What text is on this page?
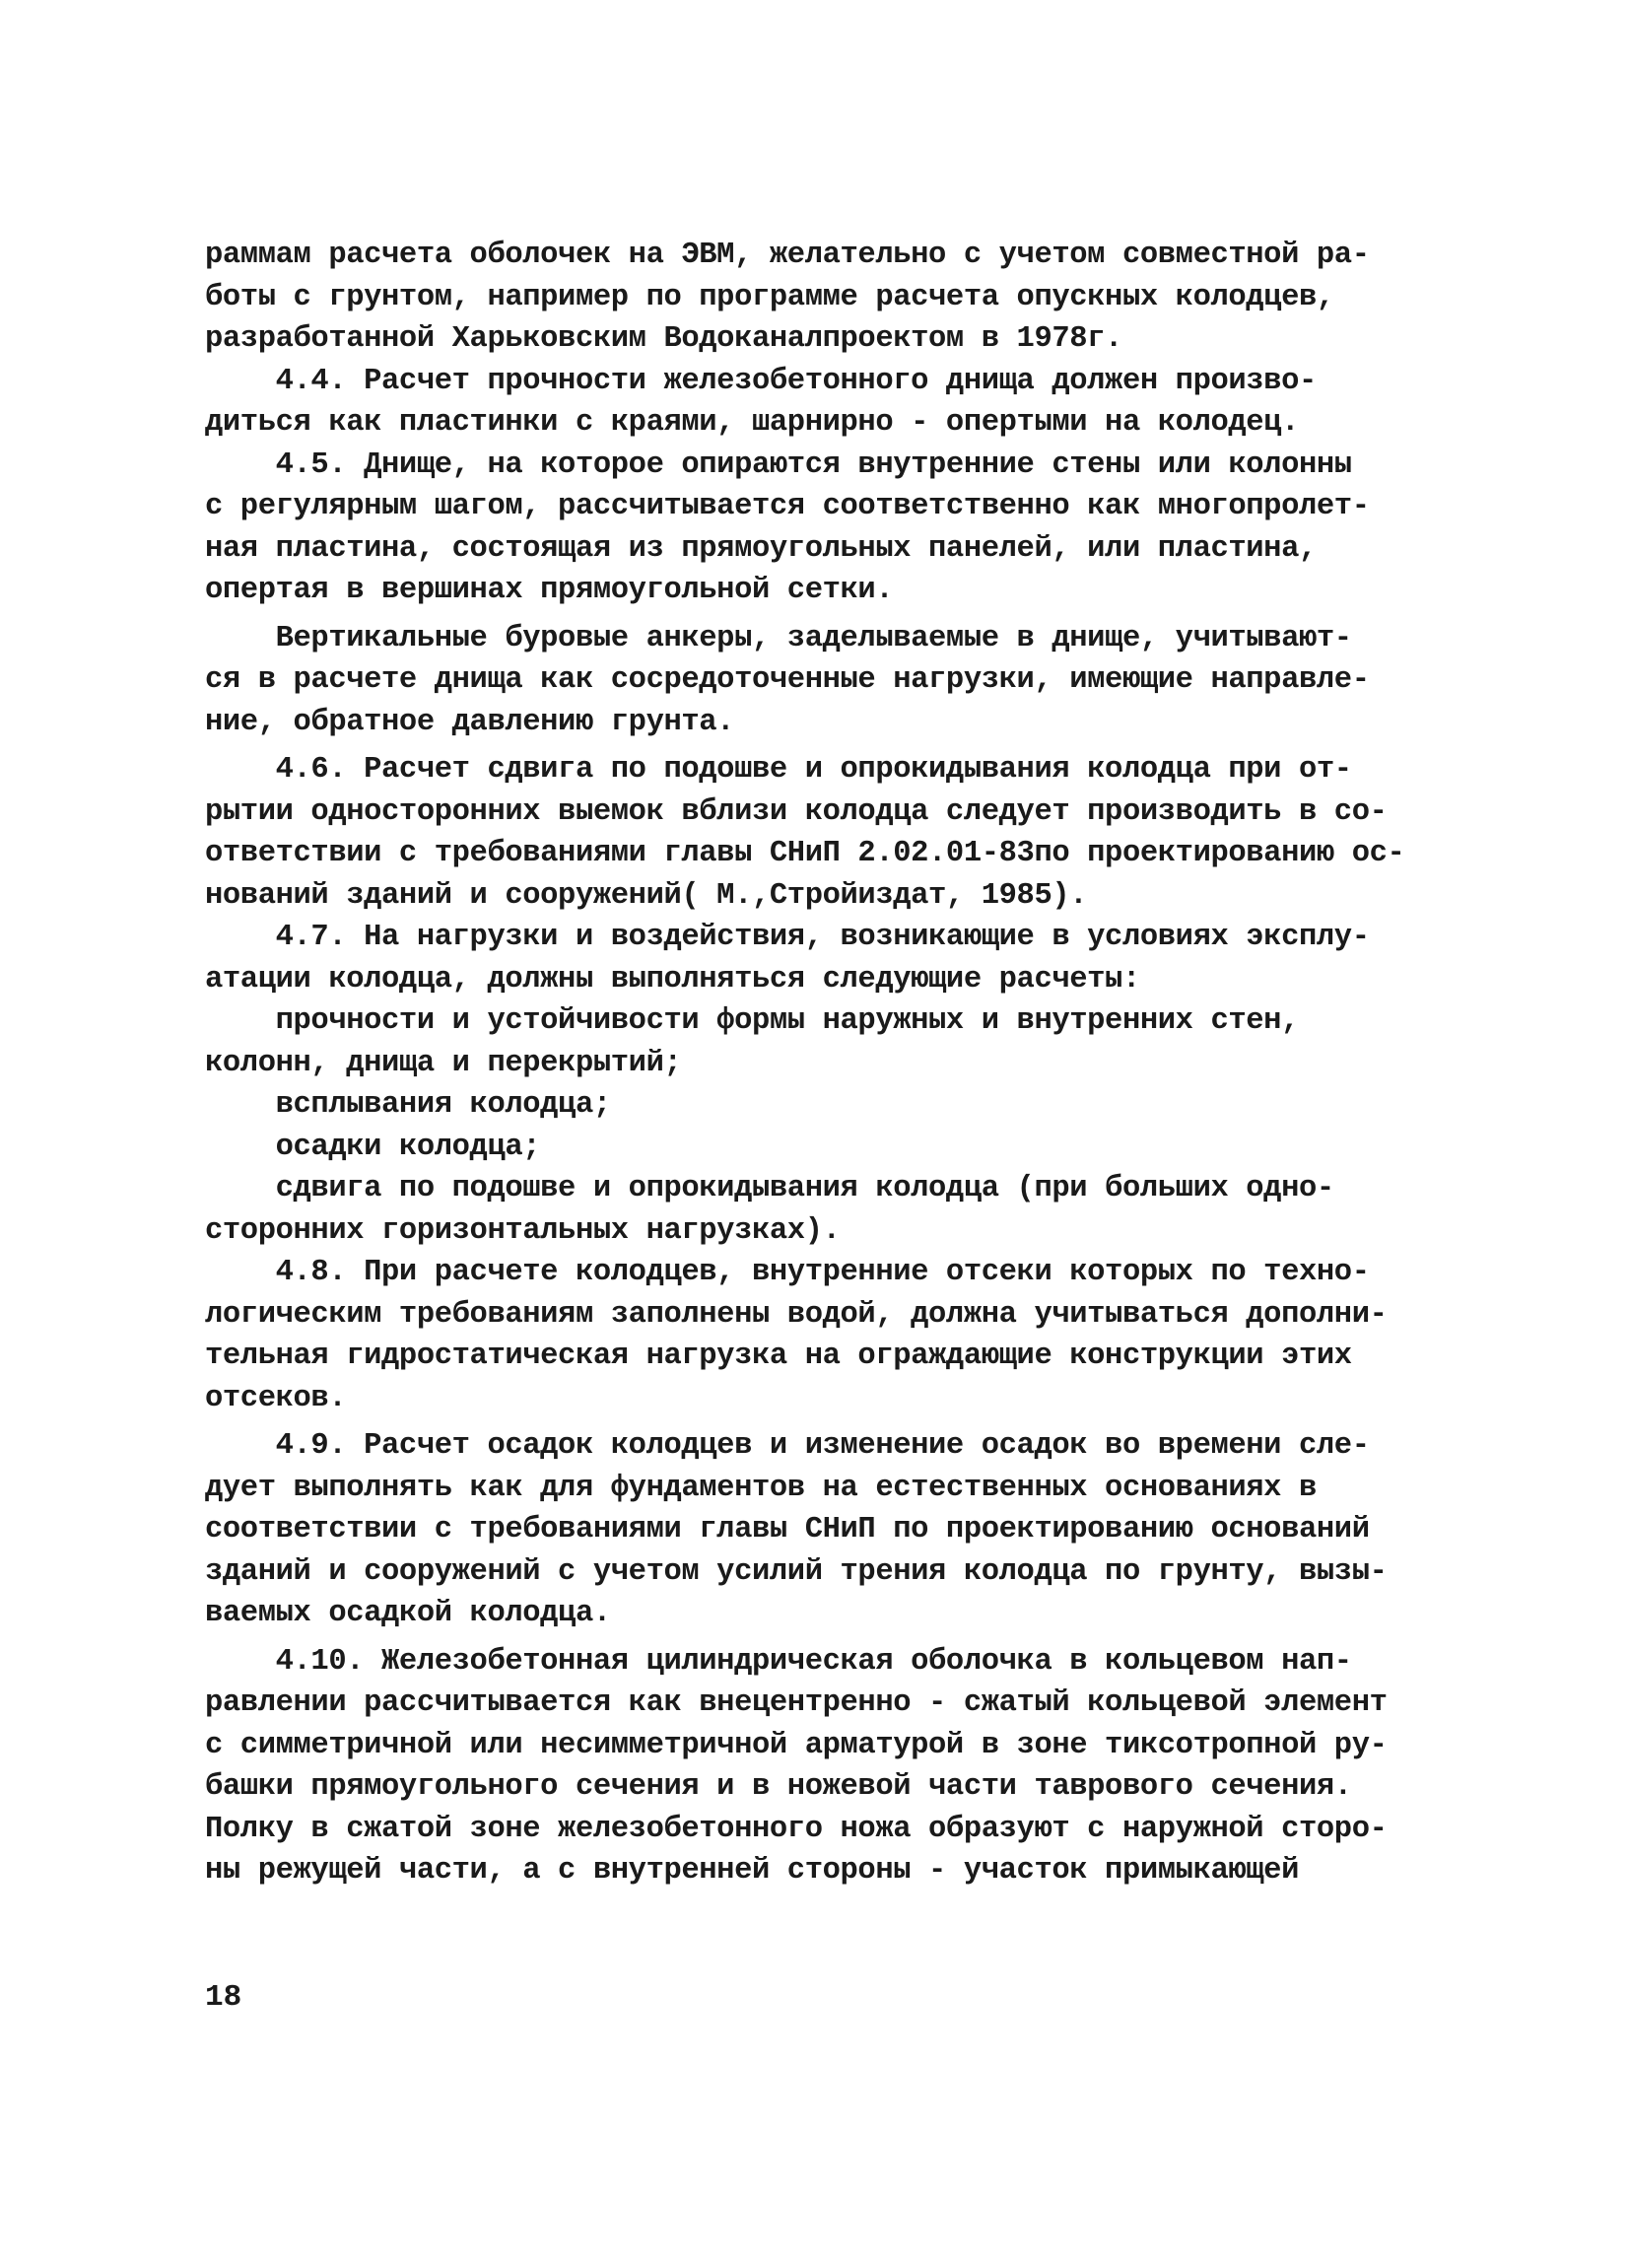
раммам расчета оболочек на ЭВМ, желательно с учетом совместной ра-
боты с грунтом, например по программе расчета опускных колодцев,
разработанной Харьковским Водоканалпроектом в 1978г.
4.4. Расчет прочности железобетонного днища должен произво-
диться как пластинки с краями, шарнирно - опертыми на колодец.
4.5. Днище, на которое опираются внутренние стены или колонны
с регулярным шагом, рассчитывается соответственно как многопролет-
ная пластина, состоящая из прямоугольных панелей, или пластина,
опертая в вершинах прямоугольной сетки.
Вертикальные буровые анкеры, заделываемые в днище, учитывают-
ся в расчете днища как сосредоточенные нагрузки, имеющие направле-
ние, обратное давлению грунта.
4.6. Расчет сдвига по подошве и опрокидывания колодца при от-
рытии односторонних выемок вблизи колодца следует производить в со-
ответствии с требованиями главы СНиП 2.02.01-83по проектированию ос-
нований зданий и сооружений( М.,Стройиздат, 1985).
4.7. На нагрузки и воздействия, возникающие в условиях эксплу-
атации колодца, должны выполняться следующие расчеты:
прочности и устойчивости формы наружных и внутренних стен,
колонн, днища и перекрытий;
всплывания колодца;
осадки колодца;
сдвига по подошве и опрокидывания колодца (при больших одно-
сторонних горизонтальных нагрузках).
4.8. При расчете колодцев, внутренние отсеки которых по техно-
логическим требованиям заполнены водой, должна учитываться дополни-
тельная гидростатическая нагрузка на ограждающие конструкции этих
отсеков.
4.9. Расчет осадок колодцев и изменение осадок во времени сле-
дует выполнять как для фундаментов на естественных основаниях в
соответствии с требованиями главы СНиП по проектированию оснований
зданий и сооружений с учетом усилий трения колодца по грунту, вызы-
ваемых осадкой колодца.
4.10. Железобетонная цилиндрическая оболочка в кольцевом нап-
равлении рассчитывается как внецентренно - сжатый кольцевой элемент
с симметричной или несимметричной арматурой в зоне тиксотропной ру-
башки прямоугольного сечения и в ножевой части таврового сечения.
Полку в сжатой зоне железобетонного ножа образуют с наружной сторо-
ны режущей части, а с внутренней стороны - участок примыкающей
18
